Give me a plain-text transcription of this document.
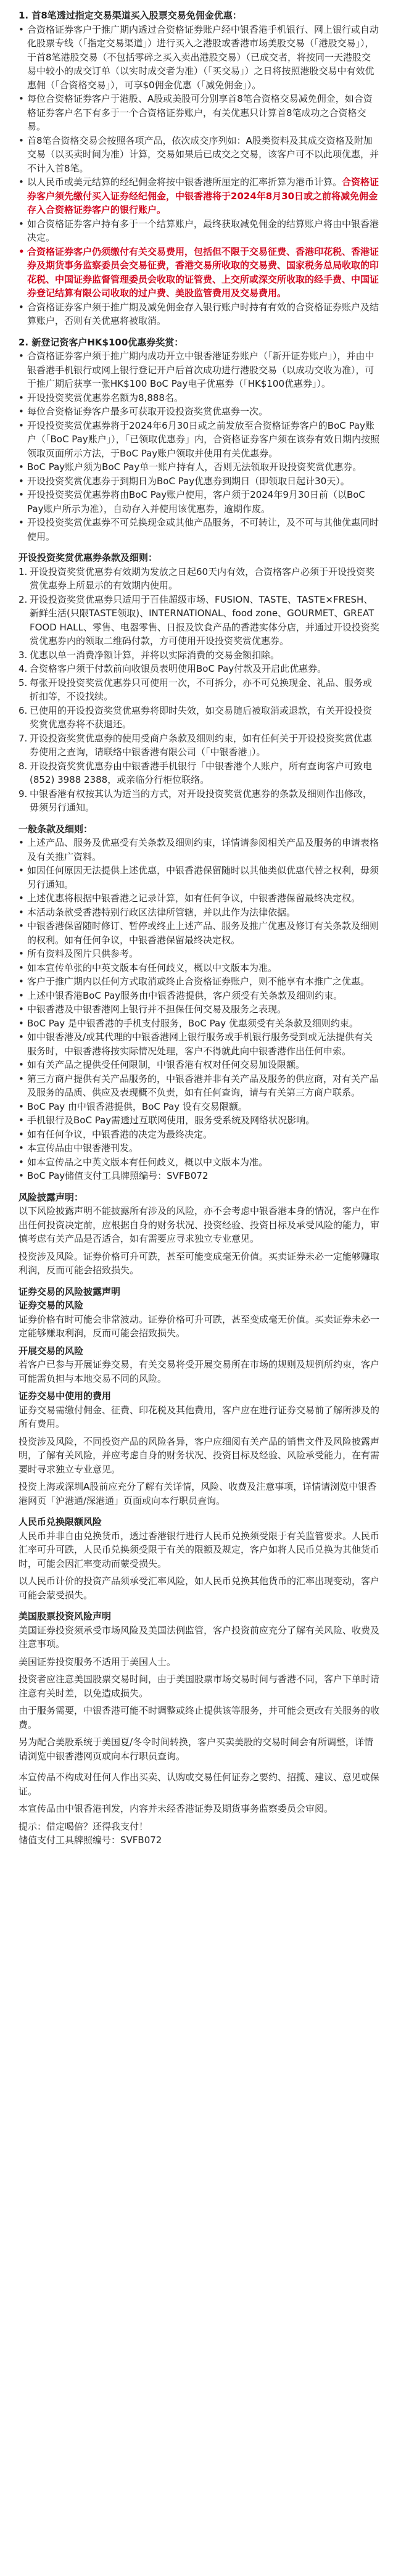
1. 首8笔透过指定交易渠道买入股票交易免佣金优惠：
• 合资格证券客户于推广期内透过合资格证券账户经中银香港手机银行、网上银行或自动化股票专线（「指定交易渠道」）进行买入之港股或香港市场美股交易（「港股交易」），于首8笔港股交易（不包括零碎之买入卖出港股交易）（已成交者，将按同一天港股交易中较小的成交订单（以实时成交者为准）（「买交易」）之日将按照港股交易中有效优惠佣（「合资格交易」），可享$0佣金优惠（「减免佣金」）。
• 每位合资格证券客户于港股、A股或美股可分别享首8笔合资格交易减免佣金，如合资格证券客户名下有多于一个合资格证券账户，有关优惠只计算首8笔成功之合资格交易。
• 首8笔合资格交易会按照各项产品，依次成交序列如：A股类资料及其成交资格及附加交易（以买卖时间为准）计算，交易如果后已成交之交易，该客户可不以此项优惠，并不计入首8笔。
• 以人民币或美元结算的经纪佣金将按中银香港所厘定的汇率折算为港币计算。合资格证券客户须先缴付买入证券经纪佣金，中银香港将于2024年8月30日或之前将减免佣金存入合资格证券客户的银行账户。
• 如合资格证券客户持有多于一个结算账户，最终获取减免佣金的结算账户将由中银香港决定。
• 合资格证券客户仍须缴付有关交易费用，包括但不限于交易征费、香港印花税、香港证券及期货事务监察委员会交易征费，香港交易所收取的交易费、国家税务总局收取的印花税、中国证券监督管理委员会收取的证管费、上交所或深交所收取的经手费、中国证券登记结算有限公司收取的过户费、美股监管费用及交易费用。
• 合资格证券客户须于推广期及减免佣金存入银行账户时持有有效的合资格证券账户及结算账户，否则有关优惠将被取消。
2. 新登记资客户HK$100优惠券奖赏：
• 合资格证券客户须于推广期内成功开立中银香港证券账户（「新开证券账户」），并由中银香港手机银行或网上银行登记开户后首次成功进行港股交易（以成功交收为准），可于推广期后获享一张HK$100 BoC Pay电子优惠券（「HK$100优惠券」）。
• 开设投资奖赏优惠券名额为8,888名。
• 每位合资格证券客户最多可获取开设投资奖赏优惠券一次。
• 开设投资奖赏优惠券将于2024年6月30日或之前发放至合资格证券客户的BoC Pay账户（「BoC Pay账户」），「已领取优惠券」内，合资格证券客户须在该券有效日期内按照领取页面所示方法，于BoC Pay账户领取并使用有关优惠券。
• BoC Pay账户须为BoC Pay单一账户持有人，否则无法领取开设投资奖赏优惠券。
• 开设投资奖赏优惠券于到期日为BoC Pay优惠券到期日（即领取日起计30天）。
• 开设投资奖赏优惠券将由BoC Pay账户使用，客户须于2024年9月30日前（以BoC Pay账户所示为准），自动存入并使用该优惠券，逾期作废。
• 开设投资奖赏优惠券不可兑换现金或其他产品服务，不可转让，及不可与其他优惠同时使用。
开设投资奖赏优惠券条款及细则：
1. 开设投资奖赏优惠券有效期为发放之日起60天内有效，合资格客户必须于开设投资奖赏优惠券上所显示的有效期内使用。
2. 开设投资奖赏优惠券只适用于百佳超级市场、FUSION、TASTE、TASTE×FRESH、新鲜生活(只限TASTE领取)、INTERNATIONAL、food zone、GOURMET、GREAT FOOD HALL、零售、电器零售、日报及饮食产品的香港实体分店，并通过开设投资奖赏优惠券内的领取二维码付款，方可使用开设投资奖赏优惠券。
3. 优惠以单一消费净额计算，并将以实际消费的交易金额扣除。
4. 合资格客户须于付款前向收银员表明使用BoC Pay付款及开启此优惠券。
5. 每张开设投资奖赏优惠券只可使用一次，不可拆分，亦不可兑换现金、礼品、服务或折扣等，不设找续。
6. 已使用的开设投资奖赏优惠券将即时失效，如交易随后被取消或退款，有关开设投资奖赏优惠券将不获退还。
7. 开设投资奖赏优惠券的使用受商户条款及细则约束，如有任何关于开设投资奖赏优惠券使用之查询，请联络中银香港有限公司（「中银香港」）。
8. 开设投资奖赏优惠券由中银香港手机银行「中银香港个人账户，所有查询客户可致电(852) 3988 2388，或亲临分行柜位联络。
9. 中银香港有权按其认为适当的方式，对开设投资奖赏优惠券的条款及细则作出修改，毋须另行通知。
一般条款及细则：
• 上述产品、服务及优惠受有关条款及细则约束，详情请参阅相关产品及服务的申请表格及有关推广资料。
• 如因任何原因无法提供上述优惠，中银香港保留随时以其他类似优惠代替之权利，毋须另行通知。
• 上述优惠将根据中银香港之记录计算，如有任何争议，中银香港保留最终决定权。
• 本活动条款受香港特别行政区法律所管辖，并以此作为法律依据。
• 中银香港保留随时修订、暂停或终止上述产品、服务及推广优惠及修订有关条款及细则的权利。如有任何争议，中银香港保留最终决定权。
• 所有资料及图片只供参考。
• 如本宣传单张的中英文版本有任何歧义，概以中文版本为准。
• 客户于推广期内以任何方式取消或终止合资格证券账户，则不能享有本推广之优惠。
• 上述中银香港BoC Pay服务由中银香港提供，客户须受有关条款及细则约束。
• 中银香港及中银香港网上银行并不担保任何交易及服务之表现。
• BoC Pay 是中银香港的手机支付服务，BoC Pay 优惠须受有关条款及细则约束。
• 如中银香港及/或其代理的中银香港网上银行服务或手机银行服务受到或无法提供有关服务时，中银香港将按实际情况处理，客户不得就此向中银香港作出任何申索。
• 如有关产品之提供受任何限制，中银香港有权对任何交易加设限额。
• 第三方商户提供有关产品服务的，中银香港并非有关产品及服务的供应商，对有关产品及服务的品质、供应及表现概不负责，如有任何查询，请与有关第三方商户联系。
• BoC Pay 由中银香港提供，BoC Pay 设有交易限额。
• 手机银行及BoC Pay需透过互联网使用，服务受系统及网络状况影响。
• 如有任何争议，中银香港的决定为最终决定。
• 本宣传品由中银香港刊发。
• 如本宣传品之中英文版本有任何歧义，概以中文版本为准。
• BoC Pay储值支付工具牌照编号：SVFB072
风险披露声明：

以下风险披露声明不能披露所有涉及的风险，亦不会考虑中银香港本身的情况，客户在作出任何投资决定前，应根据自身的财务状况、投资经验、投资目标及承受风险的能力，审慎考虑有关产品是否适合，如有需要应寻求独立专业意见。

投资涉及风险。证券价格可升可跌，甚至可能变成毫无价值。买卖证券未必一定能够赚取利润，反而可能会招致损失。

证券交易的风险披露声明
证券交易的风险

证券价格有时可能会非常波动。证券价格可升可跌，甚至变成毫无价值。买卖证券未必一定能够赚取利润，反而可能会招致损失。

开展交易的风险

若客户已参与开展证券交易，有关交易将受开展交易所在市场的规则及规例所约束，客户可能需负担与本地交易不同的风险。

证券交易中使用的费用

证券交易需缴付佣金、征费、印花税及其他费用，客户应在进行证券交易前了解所涉及的所有费用。

投资涉及风险，不同投资产品的风险各异，客户应细阅有关产品的销售文件及风险披露声明，了解有关风险，并应考虑自身的财务状况、投资目标及经验、风险承受能力，在有需要时寻求独立专业意见。

投资上海或深圳A股前应充分了解有关详情，风险、收费及注意事项，详情请浏览中银香港网页「沪港通/深港通」页面或向本行职员查询。

人民币兑换限额风险

人民币并非自由兑换货币，透过香港银行进行人民币兑换须受限于有关监管要求。人民币汇率可升可跌，人民币兑换须受限于有关的限额及规定，客户如将人民币兑换为其他货币时，可能会因汇率变动而蒙受损失。

以人民币计价的投资产品须承受汇率风险，如人民币兑换其他货币的汇率出现变动，客户可能会蒙受损失。

美国股票投资风险声明

美国证券投资须承受市场风险及美国法例监管，客户投资前应充分了解有关风险、收费及注意事项。

美国证券投资服务不适用于美国人士。

投资者应注意美国股票交易时间，由于美国股票市场交易时间与香港不同，客户下单时请注意有关时差，以免造成损失。

由于服务需要，中银香港可能不时调整或终止提供该等服务，并可能会更改有关服务的收费。

另为配合美股系统于美国夏/冬令时间转换，客户买卖美股的交易时间会有所调整，详情请浏览中银香港网页或向本行职员查询。

本宣传品不构成对任何人作出买卖、认购或交易任何证券之要约、招揽、建议、意见或保证。

本宣传品由中银香港刊发，内容并未经香港证券及期货事务监察委员会审阅。

提示：借定喝倍？还得我支付！

储值支付工具牌照编号：SVFB072
